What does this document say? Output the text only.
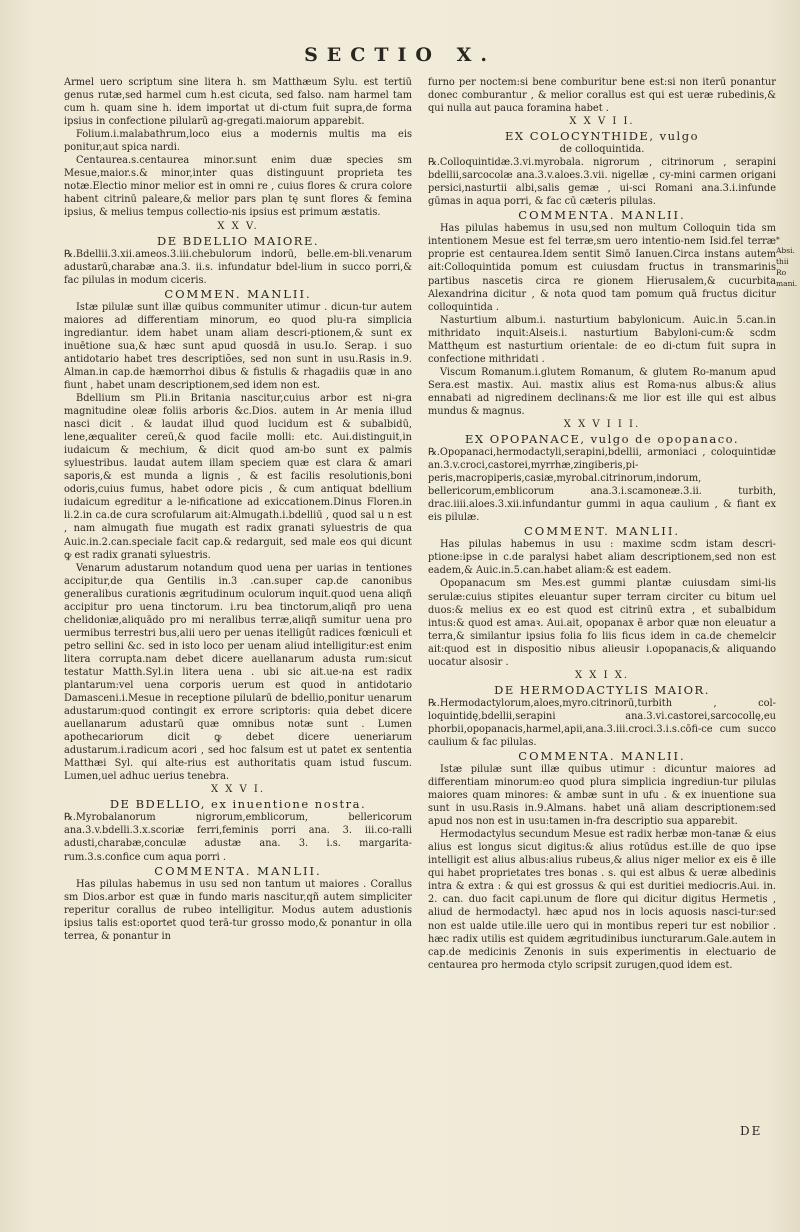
SECTIO X.

Armel uero scriptum sine litera h. sm Matthæum Sylu. est tertiū genus rutæ,sed harmel cum h.est cicuta, sed falso. nam harmel tam cum h. quam sine h. idem importat ut di-ctum fuit supra,de forma ipsius in confectione pilularū ag-gregati.maiorum apparebit.

Folium.i.malabathrum,loco eius a modernis multis ma eis ponitur,aut spica nardi.

Centaurea.s.centaurea minor.sunt enim duæ species sm Mesue,maior.s.& minor,inter quas distinguunt proprieta tes notæ.Electio minor melior est in omni re , cuius flores & crura colore habent citrinū paleare,& melior pars plan tę sunt flores & femina ipsius, & melius tempus collectio-nis ipsius est primum æstatis.

X X V.
DE BDELLIO MAIORE.

℞.Bdellii.3.xii.ameos.3.iii.chebulorum indorū, belle.em-bli.venarum adustarū,charabæ ana.3. ii.s. infundatur bdel-lium in succo porri,& fac pilulas in modum ciceris.

COMMEN. MANLII.

Istæ pilulæ sunt illæ quibus communiter utimur . dicun-tur autem maiores ad differentiam minorum, eo quod plu-ra simplicia ingrediantur. idem habet unam aliam descri-ptionem,& sunt ex inuētione sua,& hæc sunt apud quosdā in usu.Io. Serap. i suo antidotario habet tres descriptiões, sed non sunt in usu.Rasis in.9. Alman.in cap.de hæmorrhoi dibus & fistulis & rhagadiis quæ in ano fiunt , habet unam descriptionem,sed idem non est.

Bdellium sm Pli.in Britania nascitur,cuius arbor est ni-gra magnitudine oleæ foliis arboris &c.Dios. autem in Ar menia illud nasci dicit . & laudat illud quod lucidum est & subalbidū, lene,æqualiter cereū,& quod facile molli: etc. Aui.distinguit,in iudaicum & mechium, & dicit quod am-bo sunt ex palmis syluestribus. laudat autem illam speciem quæ est clara & amari saporis,& est munda a lignis , & est facilis resolutionis,boni odoris,cuius fumus, habet odore picis , & cum antiquat bdellium iudaicum egreditur a le-nificatione ad exiccationem.Dinus Floren.in li.2.in ca.de cura scrofularum ait:Almugath.i.bdelliū , quod sal u n est , nam almugath fiue mugath est radix granati syluestris de qua Auic.in.2.can.speciale facit cap.& redarguit, sed male eos qui dicunt ꝙ est radix granati syluestris.

Venarum adustarum notandum quod uena per uarias in tentiones accipitur,de qua Gentilis in.3 .can.super cap.de canonibus generalibus curationis ægritudinum oculorum inquit.quod uena aliqñ accipitur pro uena tinctorum. i.ru bea tinctorum,aliqñ pro uena chelidoniæ,aliquādo pro mi neralibus terræ,aliqñ sumitur uena pro uermibus terrestri bus,alii uero per uenas itelligūt radices fœniculi et petro sellini &c. sed in isto loco per uenam aliud intelligitur:est enim litera corrupta.nam debet dicere auellanarum adusta rum:sicut testatur Matth.Syl.in litera uena . ubi sic ait.ue-na est radix plantarum:vel uena corporis uerum est quod in antidotario Damasceni.i.Mesue in receptione pilularū de bdellio,ponitur uenarum adustarum:quod contingit ex errore scriptoris: quia debet dicere auellanarum adustarū quæ omnibus notæ sunt . Lumen apothecariorum dicit ꝙ debet dicere ueneriarum adustarum.i.radicum acori , sed hoc falsum est ut patet ex sententia Matthæi Syl. qui alte-rius est authoritatis quam istud fuscum. Lumen,uel adhuc uerius tenebra.

X X V I.
DE BDELLIO, ex inuentione nostra.

℞.Myrobalanorum nigrorum,emblicorum, bellericorum ana.3.v.bdelli.3.x.scoriæ ferri,feminis porri ana. 3. iii.co-ralli adusti,charabæ,conculæ adustæ ana. 3. i.s. margarita-rum.3.s.confice cum aqua porri .

COMMENTA. MANLII.

Has pilulas habemus in usu sed non tantum ut maiores . Corallus sm Dios.arbor est quæ in fundo maris nascitur,qñ autem simpliciter reperitur corallus de rubeo intelligitur. Modus autem adustionis ipsius talis est:oportet quod terā-tur grosso modo,& ponantur in olla terrea, & ponantur in

furno per noctem:si bene comburitur bene est:si non iterū ponantur donec comburantur , & melior corallus est qui est ueræ rubedinis,& qui nulla aut pauca foramina habet .

X X V I I.
EX COLOCYNTHIDE, vulgo
de colloquintida.

℞.Colloquintidæ.3.vi.myrobala. nigrorum , citrinorum , serapini bdellii,sarcocolæ ana.3.v.aloes.3.vii. nigellæ , cy-mini carmen origani persici,nasturtii albi,salis gemæ , ui-sci Romani ana.3.i.infunde gūmas in aqua porri, & fac cū cæteris pilulas.

COMMENTA. MANLII.

Has pilulas habemus in usu,sed non multum Colloquin tida sm intentionem Mesue est fel terræ,sm uero intentio-nem Isid.fel terræ proprie est centaurea.Idem sentit Simō Ianuen.Circa instans autem ait:Colloquintida pomum est cuiusdam fructus in transmarinis partibus nascetis circa re gionem Hierusalem,& cucurbita Alexandrina dicitur , & nota quod tam pomum quā fructus dicitur colloquintida .

Nasturtium album.i. nasturtium babylonicum. Auic.in 5.can.in mithridato inquit:Alseis.i. nasturtium Babyloni-cum:& scdm Matthęum est nasturtium orientale: de eo di-ctum fuit supra in confectione mithridati .

Viscum Romanum.i.glutem Romanum, & glutem Ro-manum apud Sera.est mastix. Aui. mastix alius est Roma-nus albus:& alius ennabati ad nigredinem declinans:& me lior est ille qui est albus mundus & magnus.

X X V I I I.
EX OPOPANACE, vulgo de opopanaco.

℞.Opopanaci,hermodactyli,serapini,bdellii, armoniaci , coloquintidæ an.3.v.croci,castorei,myrrhæ,zingiberis,pi-peris,macropiperis,casiæ,myrobal.citrinorum,indorum, bellericorum,emblicorum ana.3.i.scamoneæ.3.ii. turbith, drac.iiii.aloes.3.xii.infundantur gummi in aqua caulium , & fiant ex eis pilulæ.

COMMENT. MANLII.

Has pilulas habemus in usu : maxime scdm istam descri-ptione:ipse in c.de paralysi habet aliam descriptionem,sed non est eadem,& Auic.in.5.can.habet aliam:& est eadem.

Opopanacum sm Mes.est gummi plantæ cuiusdam simi-lis serulæ:cuius stipites eleuantur super terram circiter cu bitum uel duos:& melius ex eo est quod est citrinū extra , et subalbidum intus:& quod est amaꝛ. Aui.ait, opopanax ē arbor quæ non eleuatur a terra,& similantur ipsius folia fo liis ficus idem in ca.de chemelcir ait:quod est in dispositio nibus alieusir i.opopanacis,& aliquando uocatur alsosir .

X X I X.
DE HERMODACTYLIS MAIOR.

℞.Hermodactylorum,aloes,myro.citrinorū,turbith , col-loquintidę,bdellii,serapini ana.3.vi.castorei,sarcocollę,eu phorbii,opopanacis,harmel,apii,ana.3.iii.croci.3.i.s.cōfi-ce cum succo caulium & fac pilulas.

COMMENTA. MANLII.

Istæ pilulæ sunt illæ quibus utimur : dicuntur maiores ad differentiam minorum:eo quod plura simplicia ingrediun-tur pilulas maiores quam minores: & ambæ sunt in ufu . & ex inuentione sua sunt in usu.Rasis in.9.Almans. habet unā aliam descriptionem:sed apud nos non est in usu:tamen in-fra descriptio sua apparebit.

Hermodactylus secundum Mesue est radix herbæ mon-tanæ & eius alius est longus sicut digitus:& alius rotūdus est.ille de quo ipse intelligit est alius albus:alius rubeus,& alius niger melior ex eis ē ille qui habet proprietates tres bonas . s. qui est albus & ueræ albedinis intra & extra : & qui est grossus & qui est duritiei mediocris.Aui. in. 2. can. duo facit capi.unum de flore qui dicitur digitus Hermetis , aliud de hermodactyl. hæc apud nos in locis aquosis nasci-tur:sed non est ualde utile.ille uero qui in montibus reperi tur est nobilior . hæc radix utilis est quidem ægritudinibus iuncturarum.Gale.autem in cap.de medicinis Zenonis in suis experimentis in electuario de centaurea pro hermoda ctylo scripsit zurugen,quod idem est.

* Absi. thii Ro mani.
DE
